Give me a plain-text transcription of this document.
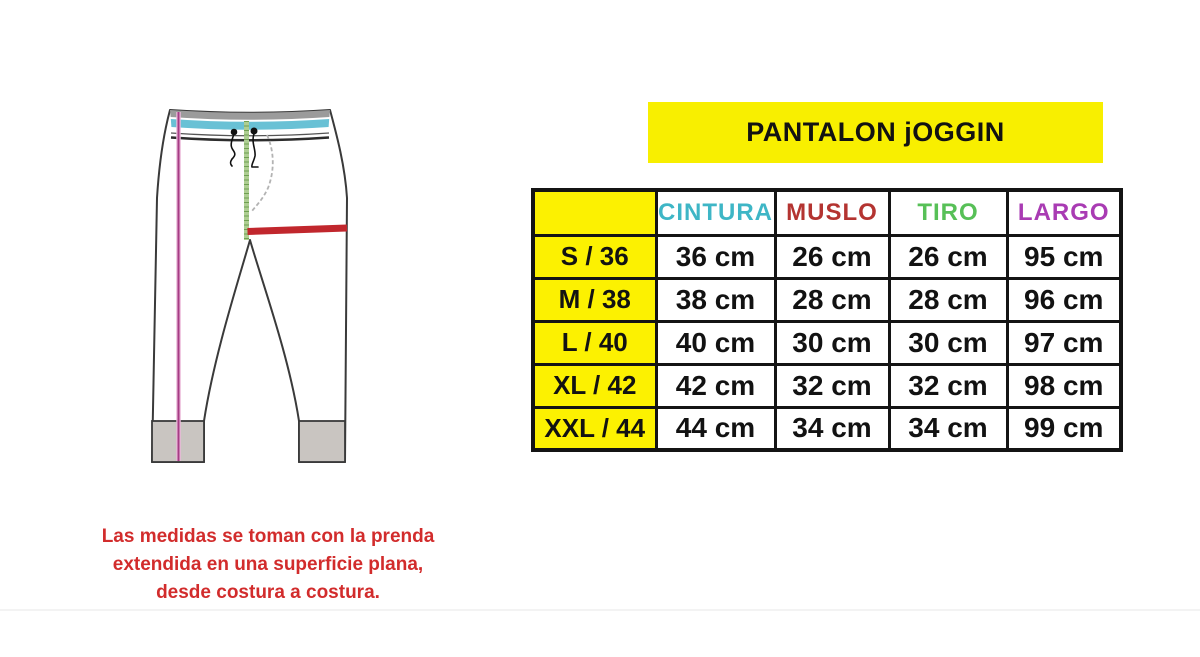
PANTALON jOGGIN
	CINTURA	MUSLO	TIRO	LARGO
S / 36	36 cm	26 cm	26 cm	95 cm
M / 38	38 cm	28 cm	28 cm	96 cm
L / 40	40 cm	30 cm	30 cm	97 cm
XL / 42	42 cm	32 cm	32 cm	98 cm
XXL / 44	44 cm	34 cm	34 cm	99 cm
Las medidas se toman con la prenda
extendida en una superficie plana,
desde costura a costura.
